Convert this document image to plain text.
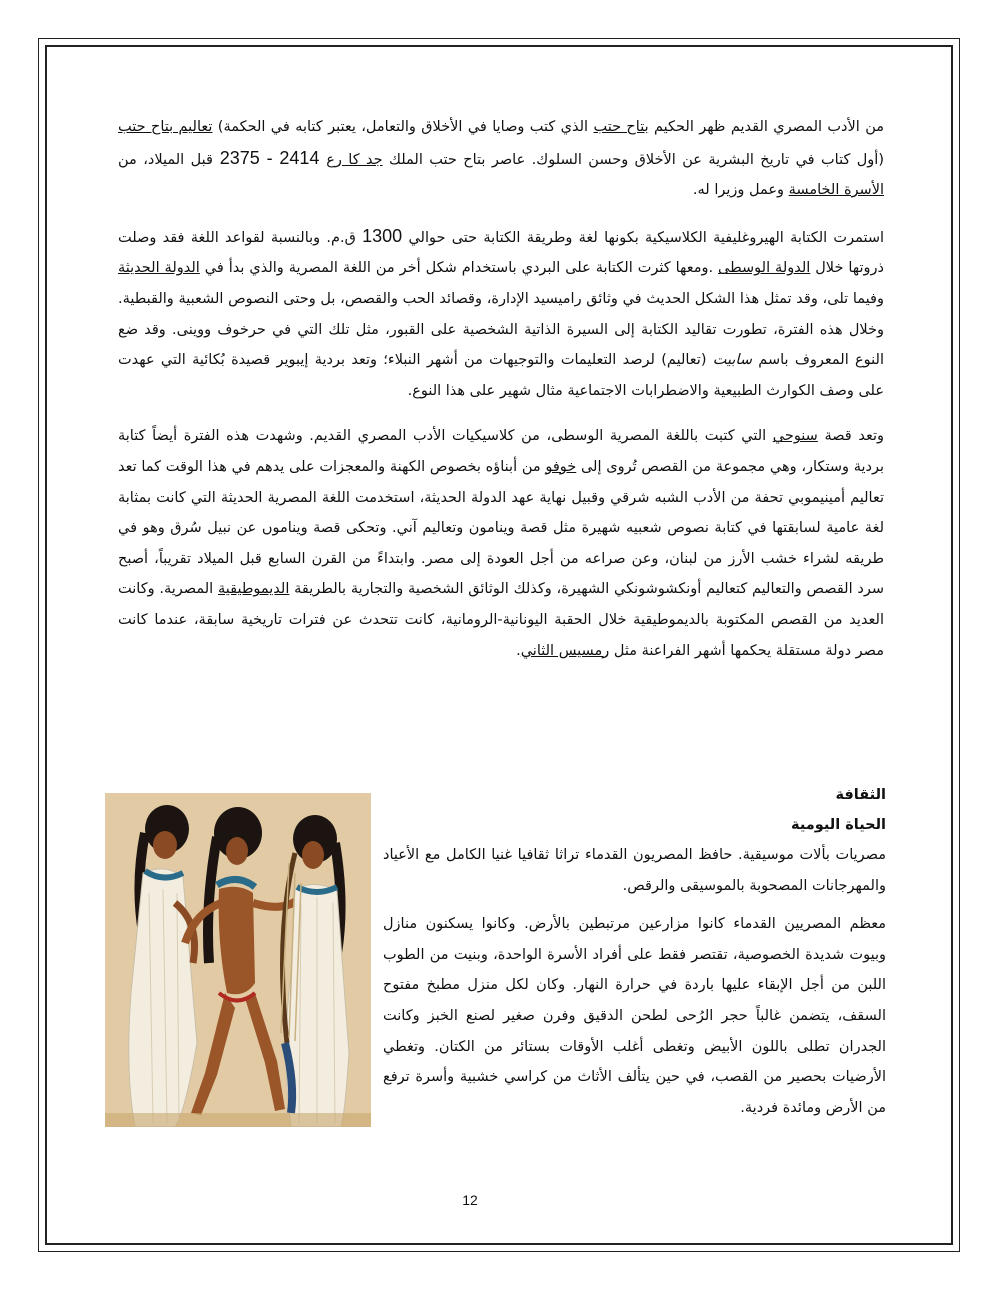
من الأدب المصري القديم ظهر الحكيم بتاح حتب الذي كتب وصايا في الأخلاق والتعامل، يعتبر كتابه في الحكمة) تعاليم بتاح حتب (أول كتاب في تاريخ البشرية عن الأخلاق وحسن السلوك. عاصر بتاح حتب الملك جد كا رع 2375 - 2414 قبل الميلاد، من الأسرة الخامسة وعمل وزيرا له.

استمرت الكتابة الهيروغليفية الكلاسيكية بكونها لغة وطريقة الكتابة حتى حوالي 1300 ق.م. وبالنسبة لقواعد اللغة فقد وصلت ذروتها خلال الدولة الوسطى .ومعها كثرت الكتابة على البردي باستخدام شكل أخر من اللغة المصرية والذي بدأ في الدولة الحديثة وفيما تلى، وقد تمثل هذا الشكل الحديث في وثائق راميسيد الإدارة، وقصائد الحب والقصص، بل وحتى النصوص الشعبية والقبطية. وخلال هذه الفترة، تطورت تقاليد الكتابة إلى السيرة الذاتية الشخصية على القبور، مثل تلك التي في حرخوف ووينى. وقد ضع النوع المعروف باسم سابيت (تعاليم) لرصد التعليمات والتوجيهات من أشهر النبلاء؛ وتعد بردية إيبوير قصيدة بُكائية التي عهدت على وصف الكوارث الطبيعية والاضطرابات الاجتماعية مثال شهير على هذا النوع.

وتعد قصة سنوحي التي كتبت باللغة المصرية الوسطى، من كلاسيكيات الأدب المصري القديم. وشهدت هذه الفترة أيضاً كتابة بردية وستكار، وهي مجموعة من القصص تُروى إلى خوفو من أبناؤه بخصوص الكهنة والمعجزات على يدهم في هذا الوقت كما تعد تعاليم أمينيموبي تحفة من الأدب الشبه شرقي وقبيل نهاية عهد الدولة الحديثة، استخدمت اللغة المصرية الحديثة التي كانت بمثابة لغة عامية لسابقتها في كتابة نصوص شعبيه شهيرة مثل قصة وينامون وتعاليم آني. وتحكى قصة ويناموں عن نبيل سُرق وهو في طريقه لشراء خشب الأرز من لبنان، وعن صراعه من أجل العودة إلى مصر. وابتداءً من القرن السابع قبل الميلاد تقريباً، أصبح سرد القصص والتعاليم كتعاليم أونكشوشونكي الشهيرة، وكذلك الوثائق الشخصية والتجارية بالطريقة الديموطيقية المصرية. وكانت العديد من القصص المكتوبة بالديموطيقية خلال الحقبة اليونانية-الرومانية، كانت تتحدث عن فترات تاريخية سابقة، عندما كانت مصر دولة مستقلة يحكمها أشهر الفراعنة مثل رمسيس الثاني.

الثقافة

الحياة اليومية

مصريات بألات موسيقية. حافظ المصريون القدماء تراثا ثقافيا غنيا الكامل مع الأعياد والمهرجانات المصحوبة بالموسيقى والرقص.

معظم المصريين القدماء كانوا مزارعين مرتبطين بالأرض. وكانوا يسكنون منازل وبيوت شديدة الخصوصية، تقتصر فقط على أفراد الأسرة الواحدة، وبنيت من الطوب اللبن من أجل الإبقاء عليها باردة في حرارة النهار. وكان لكل منزل مطبخ مفتوح السقف، يتضمن غالباً حجر الرُحى لطحن الدقيق وفرن صغير لصنع الخبز وكانت الجدران تطلى باللون الأبيض وتغطى أغلب الأوقات بستائر من الكتان. وتغطي الأرضيات بحصير من القصب، في حين يتألف الأثاث من كراسي خشبية وأسرة ترفع من الأرض ومائدة فردية.

12
